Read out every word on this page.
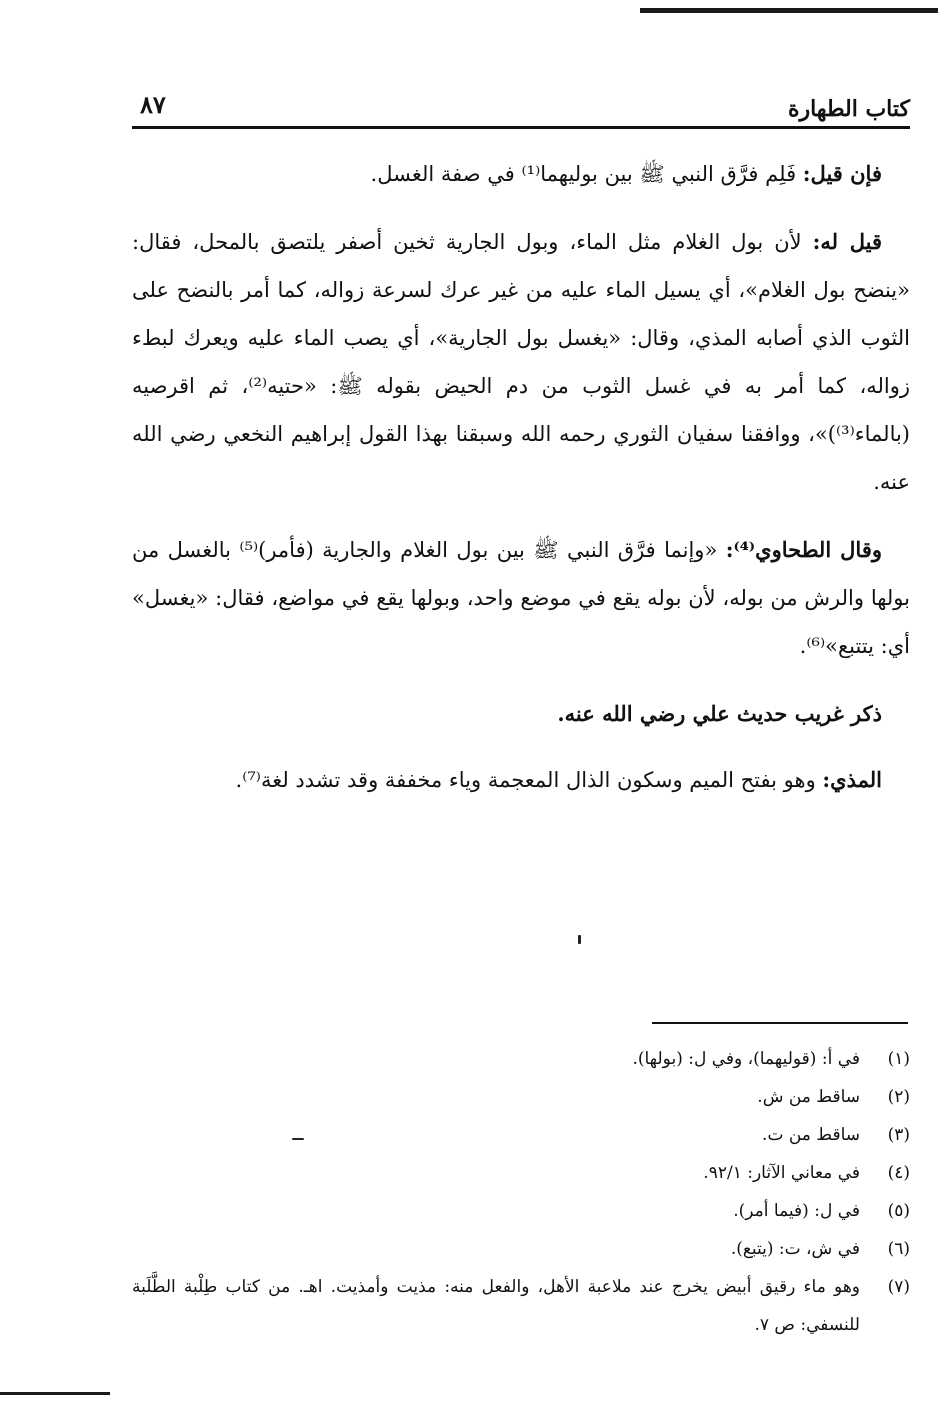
٨٧	كتاب الطهارة

فإن قيل: فَلِم فرَّق النبي ﷺ بين بوليهما⁽¹⁾ في صفة الغسل.

قيل له: لأن بول الغلام مثل الماء، وبول الجارية ثخين أصفر يلتصق بالمحل، فقال: «ينضح بول الغلام»، أي يسيل الماء عليه من غير عرك لسرعة زواله، كما أمر بالنضح على الثوب الذي أصابه المذي، وقال: «يغسل بول الجارية»، أي يصب الماء عليه ويعرك لبطء زواله، كما أمر به في غسل الثوب من دم الحيض بقوله ﷺ: «حتيه⁽²⁾، ثم اقرصيه (بالماء⁽³⁾)»، ووافقنا سفيان الثوري رحمه الله وسبقنا بهذا القول إبراهيم النخعي رضي الله عنه.

وقال الطحاوي⁽⁴⁾: «وإنما فرَّق النبي ﷺ بين بول الغلام والجارية (فأمر)⁽⁵⁾ بالغسل من بولها والرش من بوله، لأن بوله يقع في موضع واحد، وبولها يقع في مواضع، فقال: «يغسل» أي: يتتبع»⁽⁶⁾.

ذكر غريب حديث علي رضي الله عنه.

المذي: وهو بفتح الميم وسكون الذال المعجمة وياء مخففة وقد تشدد لغة⁽⁷⁾.

(١)
في أ: (قوليهما)، وفي ل: (بولها).
(٢)
ساقط من ش.
(٣)
ساقط من ت.
(٤)
في معاني الآثار: ٩٢/١.
(٥)
في ل: (فيما أمر).
(٦)
في ش، ت: (يتبع).
(٧)
وهو ماء رقيق أبيض يخرج عند ملاعبة الأهل، والفعل منه: مذيت وأمذيت. اهـ. من كتاب طِلْبة الطَّلَبة للنسفي: ص ٧.
